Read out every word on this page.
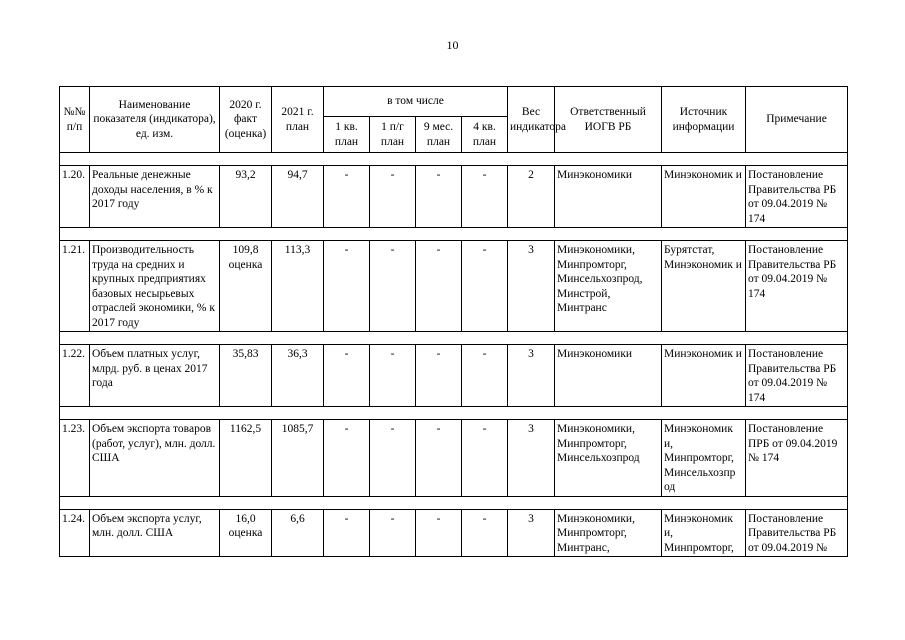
10
№№ п/п	Наименование показателя (индикатора), ед. изм.	2020 г. факт (оценка)	2021 г. план	в том числе				Вес индикатора	Ответственный ИОГВ РБ	Источник информации	Примечание
				1 кв. план	1 п/г план	9 мес. план	4 кв. план				

1.20.	Реальные денежные доходы населения, в % к 2017 году	93,2	94,7	-	-	-	-	2	Минэкономики	Минэкономик и	Постановление Правительства РБ от 09.04.2019 № 174

1.21.	Производительность труда на средних и крупных предприятиях базовых несырьевых отраслей экономики, % к 2017 году	109,8 оценка	113,3	-	-	-	-	3	Минэкономики, Минпромторг, Минсельхозпрод, Минстрой, Минтранс	Бурятстат, Минэкономик и	Постановление Правительства РБ от 09.04.2019 № 174

1.22.	Объем платных услуг, млрд. руб. в ценах 2017 года	35,83	36,3	-	-	-	-	3	Минэкономики	Минэкономик и	Постановление Правительства РБ от 09.04.2019 № 174

1.23.	Объем экспорта товаров (работ, услуг), млн. долл. США	1162,5	1085,7	-	-	-	-	3	Минэкономики, Минпромторг, Минсельхозпрод	Минэкономик и, Минпромторг, Минсельхозпр од	Постановление ПРБ от 09.04.2019 № 174

1.24.	Объем экспорта услуг, млн. долл. США	16,0 оценка	6,6	-	-	-	-	3	Минэкономики, Минпромторг, Минтранс,	Минэкономик и, Минпромторг,	Постановление Правительства РБ от 09.04.2019 №
